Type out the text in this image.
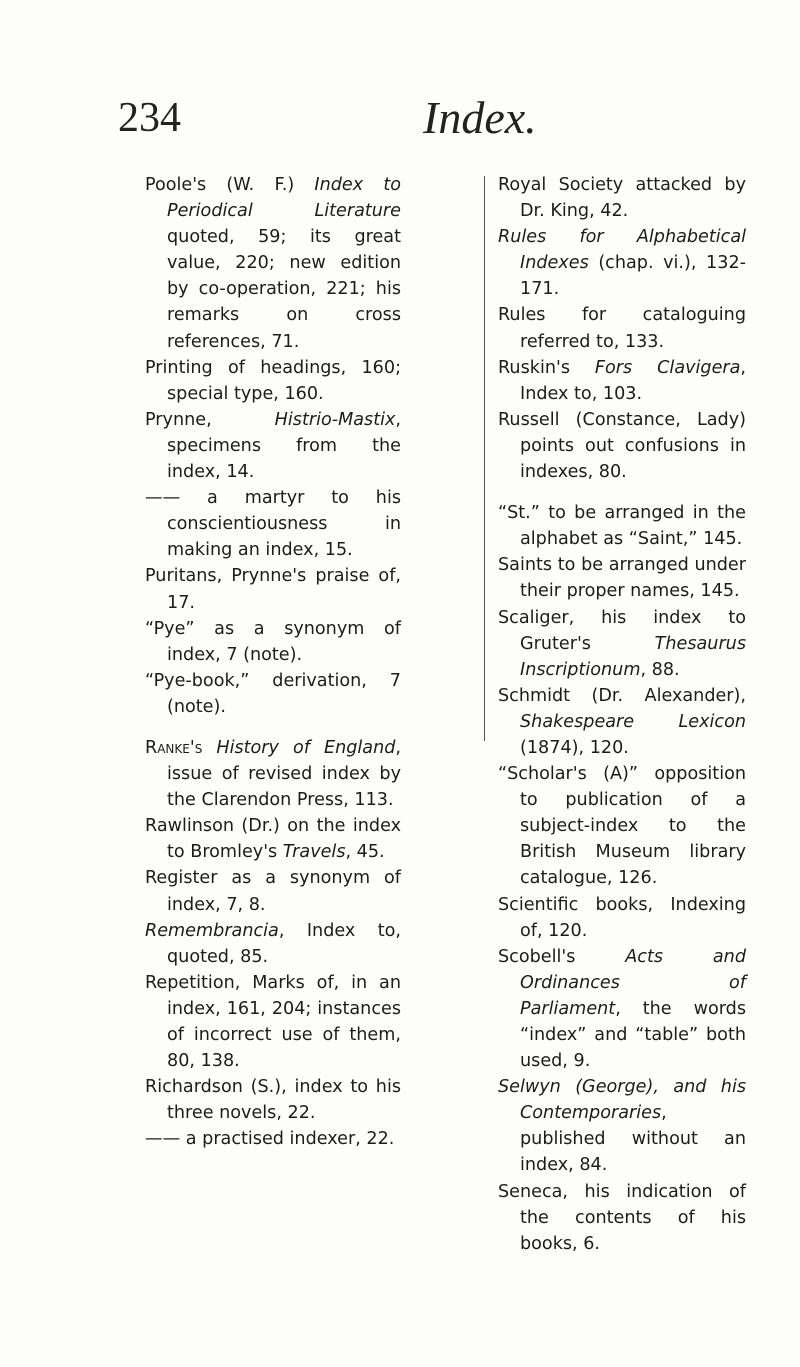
234	Index.

Poole's (W. F.) Index to Periodical Literature quoted, 59; its great value, 220; new edition by co-operation, 221; his remarks on cross references, 71.

Printing of headings, 160; special type, 160.

Prynne, Histrio-Mastix, specimens from the index, 14.

—— a martyr to his conscientiousness in making an index, 15.

Puritans, Prynne's praise of, 17.

“Pye” as a synonym of index, 7 (note).

“Pye-book,” derivation, 7 (note).

Ranke's History of England, issue of revised index by the Clarendon Press, 113.

Rawlinson (Dr.) on the index to Bromley's Travels, 45.

Register as a synonym of index, 7, 8.

Remembrancia, Index to, quoted, 85.

Repetition, Marks of, in an index, 161, 204; instances of incorrect use of them, 80, 138.

Richardson (S.), index to his three novels, 22.

—— a practised indexer, 22.

Royal Society attacked by Dr. King, 42.

Rules for Alphabetical Indexes (chap. vi.), 132-171.

Rules for cataloguing referred to, 133.

Ruskin's Fors Clavigera, Index to, 103.

Russell (Constance, Lady) points out confusions in indexes, 80.

“St.” to be arranged in the alphabet as “Saint,” 145.

Saints to be arranged under their proper names, 145.

Scaliger, his index to Gruter's Thesaurus Inscriptionum, 88.

Schmidt (Dr. Alexander), Shakespeare Lexicon (1874), 120.

“Scholar's (A)” opposition to publication of a subject-index to the British Museum library catalogue, 126.

Scientific books, Indexing of, 120.

Scobell's Acts and Ordinances of Parliament, the words “index” and “table” both used, 9.

Selwyn (George), and his Contemporaries, published without an index, 84.

Seneca, his indication of the contents of his books, 6.
